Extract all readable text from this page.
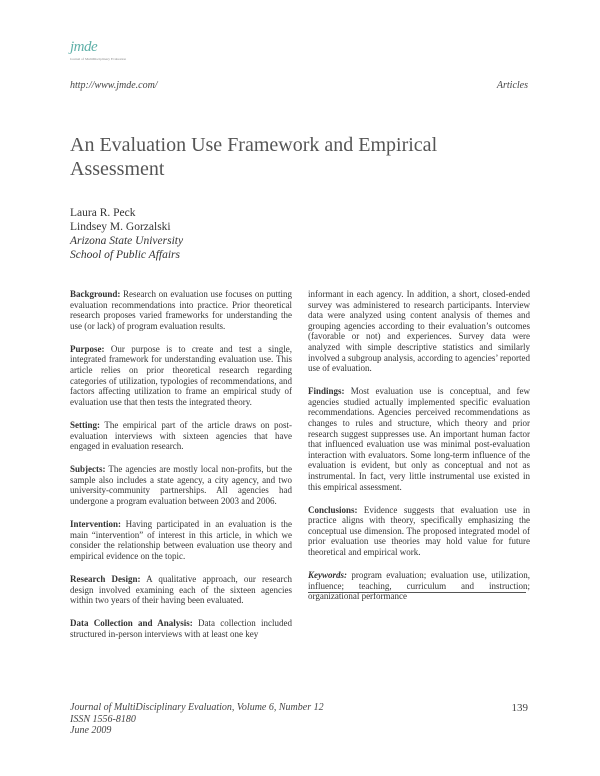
jmde
Journal of MultiDisciplinary Evaluation
http://www.jmde.com/	Articles
An Evaluation Use Framework and Empirical Assessment
Laura R. Peck
Lindsey M. Gorzalski
Arizona State University
School of Public Affairs

Background: Research on evaluation use focuses on putting evaluation recommendations into practice. Prior theoretical research proposes varied frameworks for understanding the use (or lack) of program evaluation results.

Purpose: Our purpose is to create and test a single, integrated framework for understanding evaluation use. This article relies on prior theoretical research regarding categories of utilization, typologies of recommendations, and factors affecting utilization to frame an empirical study of evaluation use that then tests the integrated theory.

Setting: The empirical part of the article draws on post-evaluation interviews with sixteen agencies that have engaged in evaluation research.

Subjects: The agencies are mostly local non-profits, but the sample also includes a state agency, a city agency, and two university-community partnerships. All agencies had undergone a program evaluation between 2003 and 2006.

Intervention: Having participated in an evaluation is the main “intervention” of interest in this article, in which we consider the relationship between evaluation use theory and empirical evidence on the topic.

Research Design: A qualitative approach, our research design involved examining each of the sixteen agencies within two years of their having been evaluated.

Data Collection and Analysis: Data collection included structured in-person interviews with at least one key

informant in each agency. In addition, a short, closed-ended survey was administered to research participants. Interview data were analyzed using content analysis of themes and grouping agencies according to their evaluation’s outcomes (favorable or not) and experiences. Survey data were analyzed with simple descriptive statistics and similarly involved a subgroup analysis, according to agencies’ reported use of evaluation.

Findings: Most evaluation use is conceptual, and few agencies studied actually implemented specific evaluation recommendations. Agencies perceived recommendations as changes to rules and structure, which theory and prior research suggest suppresses use. An important human factor that influenced evaluation use was minimal post-evaluation interaction with evaluators. Some long-term influence of the evaluation is evident, but only as conceptual and not as instrumental. In fact, very little instrumental use existed in this empirical assessment.

Conclusions: Evidence suggests that evaluation use in practice aligns with theory, specifically emphasizing the conceptual use dimension. The proposed integrated model of prior evaluation use theories may hold value for future theoretical and empirical work.

Keywords: program evaluation; evaluation use, utilization, influence; teaching, curriculum and instruction; organizational performance

Journal of MultiDisciplinary Evaluation, Volume 6, Number 12
ISSN 1556-8180
June 2009
139
